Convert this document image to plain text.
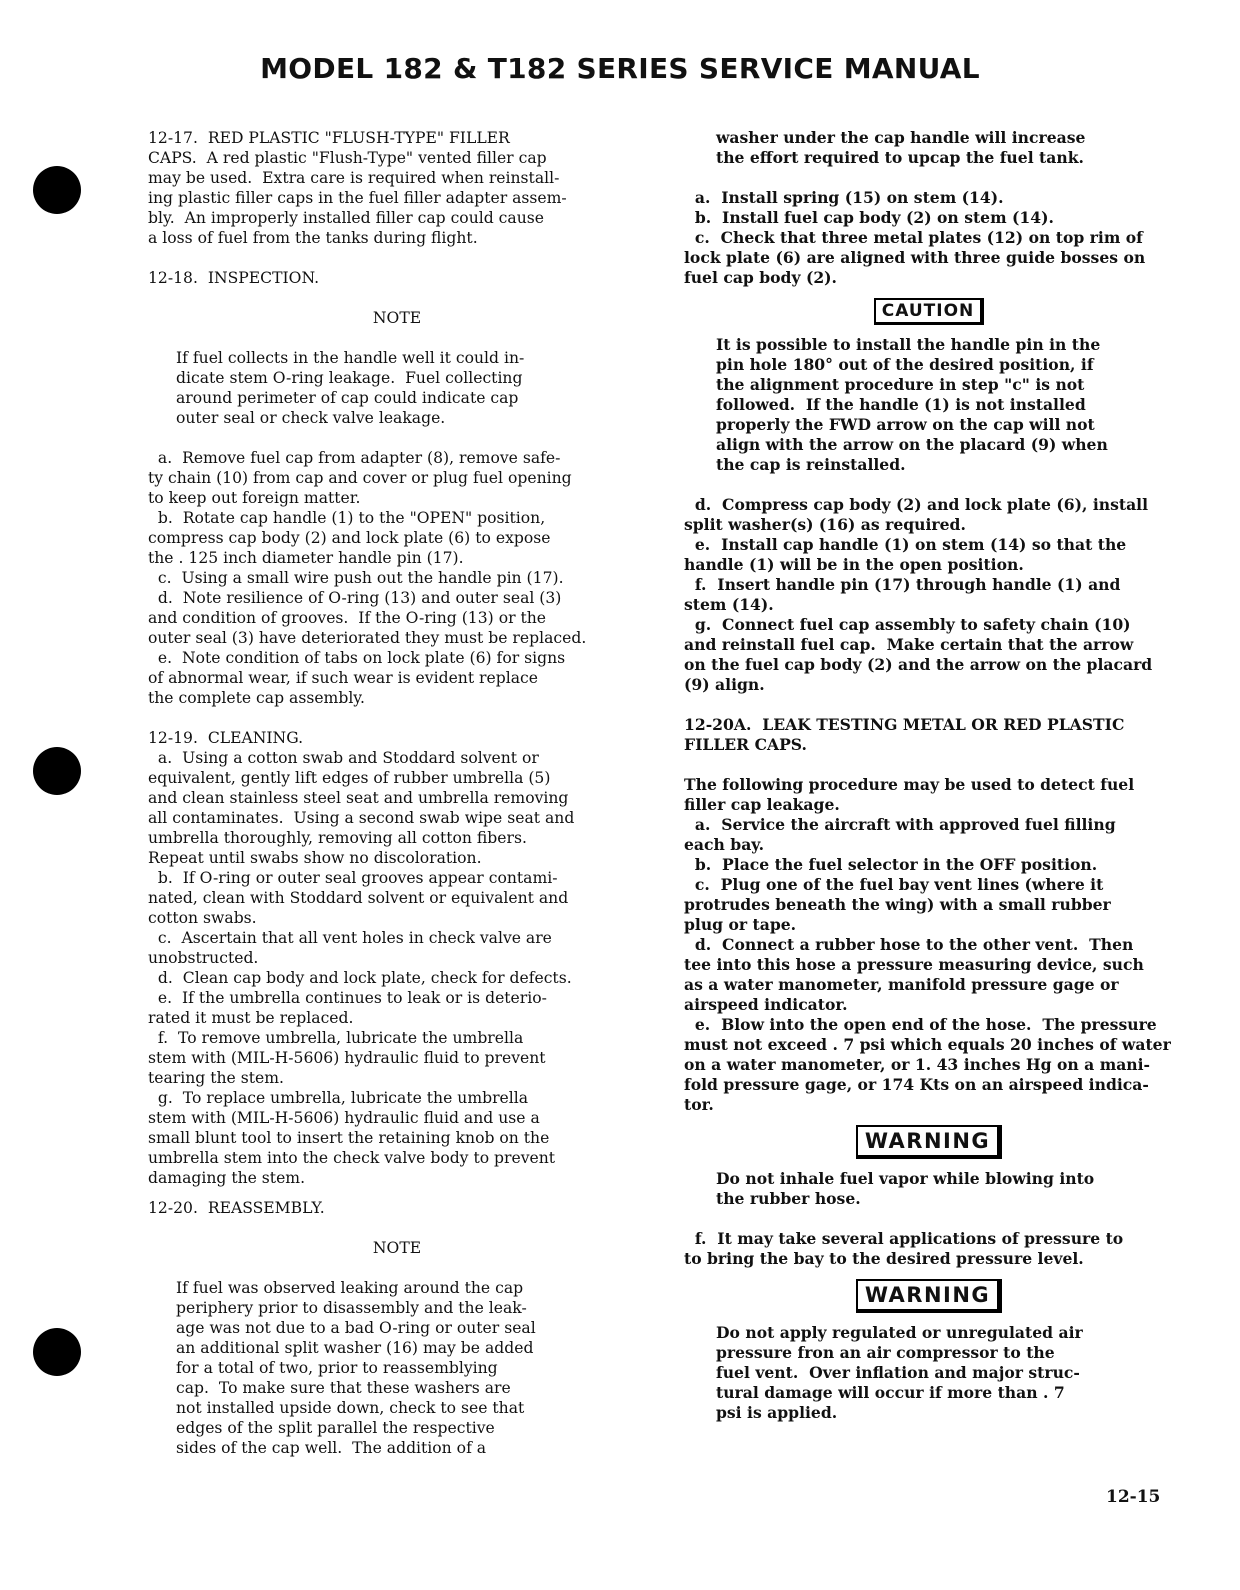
MODEL 182 & T182 SERIES SERVICE MANUAL

12-17.  RED PLASTIC "FLUSH-TYPE" FILLER

CAPS.  A red plastic "Flush-Type" vented filler cap

may be used.  Extra care is required when reinstall-

ing plastic filler caps in the fuel filler adapter assem-

bly.  An improperly installed filler cap could cause

a loss of fuel from the tanks during flight.

12-18.  INSPECTION.

NOTE

If fuel collects in the handle well it could in-

dicate stem O-ring leakage.  Fuel collecting

around perimeter of cap could indicate cap

outer seal or check valve leakage.

a.  Remove fuel cap from adapter (8), remove safe-

ty chain (10) from cap and cover or plug fuel opening

to keep out foreign matter.

b.  Rotate cap handle (1) to the "OPEN" position,

compress cap body (2) and lock plate (6) to expose

the . 125 inch diameter handle pin (17).

c.  Using a small wire push out the handle pin (17).

d.  Note resilience of O-ring (13) and outer seal (3)

and condition of grooves.  If the O-ring (13) or the

outer seal (3) have deteriorated they must be replaced.

e.  Note condition of tabs on lock plate (6) for signs

of abnormal wear, if such wear is evident replace

the complete cap assembly.

12-19.  CLEANING.

a.  Using a cotton swab and Stoddard solvent or

equivalent, gently lift edges of rubber umbrella (5)

and clean stainless steel seat and umbrella removing

all contaminates.  Using a second swab wipe seat and

umbrella thoroughly, removing all cotton fibers.

Repeat until swabs show no discoloration.

b.  If O-ring or outer seal grooves appear contami-

nated, clean with Stoddard solvent or equivalent and

cotton swabs.

c.  Ascertain that all vent holes in check valve are

unobstructed.

d.  Clean cap body and lock plate, check for defects.

e.  If the umbrella continues to leak or is deterio-

rated it must be replaced.

f.  To remove umbrella, lubricate the umbrella

stem with (MIL-H-5606) hydraulic fluid to prevent

tearing the stem.

g.  To replace umbrella, lubricate the umbrella

stem with (MIL-H-5606) hydraulic fluid and use a

small blunt tool to insert the retaining knob on the

umbrella stem into the check valve body to prevent

damaging the stem.

12-20.  REASSEMBLY.

NOTE

If fuel was observed leaking around the cap

periphery prior to disassembly and the leak-

age was not due to a bad O-ring or outer seal

an additional split washer (16) may be added

for a total of two, prior to reassemblying

cap.  To make sure that these washers are

not installed upside down, check to see that

edges of the split parallel the respective

sides of the cap well.  The addition of a

washer under the cap handle will increase

the effort required to upcap the fuel tank.

a.  Install spring (15) on stem (14).

b.  Install fuel cap body (2) on stem (14).

c.  Check that three metal plates (12) on top rim of

lock plate (6) are aligned with three guide bosses on

fuel cap body (2).

CAUTION

It is possible to install the handle pin in the

pin hole 180° out of the desired position, if

the alignment procedure in step "c" is not

followed.  If the handle (1) is not installed

properly the FWD arrow on the cap will not

align with the arrow on the placard (9) when

the cap is reinstalled.

d.  Compress cap body (2) and lock plate (6), install

split washer(s) (16) as required.

e.  Install cap handle (1) on stem (14) so that the

handle (1) will be in the open position.

f.  Insert handle pin (17) through handle (1) and

stem (14).

g.  Connect fuel cap assembly to safety chain (10)

and reinstall fuel cap.  Make certain that the arrow

on the fuel cap body (2) and the arrow on the placard

(9) align.

12-20A.  LEAK TESTING METAL OR RED PLASTIC

FILLER CAPS.

The following procedure may be used to detect fuel

filler cap leakage.

a.  Service the aircraft with approved fuel filling

each bay.

b.  Place the fuel selector in the OFF position.

c.  Plug one of the fuel bay vent lines (where it

protrudes beneath the wing) with a small rubber

plug or tape.

d.  Connect a rubber hose to the other vent.  Then

tee into this hose a pressure measuring device, such

as a water manometer, manifold pressure gage or

airspeed indicator.

e.  Blow into the open end of the hose.  The pressure

must not exceed . 7 psi which equals 20 inches of water

on a water manometer, or 1. 43 inches Hg on a mani-

fold pressure gage, or 174 Kts on an airspeed indica-

tor.

WARNING

Do not inhale fuel vapor while blowing into

the rubber hose.

f.  It may take several applications of pressure to

to bring the bay to the desired pressure level.

WARNING

Do not apply regulated or unregulated air

pressure fron an air compressor to the

fuel vent.  Over inflation and major struc-

tural damage will occur if more than . 7

psi is applied.

12-15
